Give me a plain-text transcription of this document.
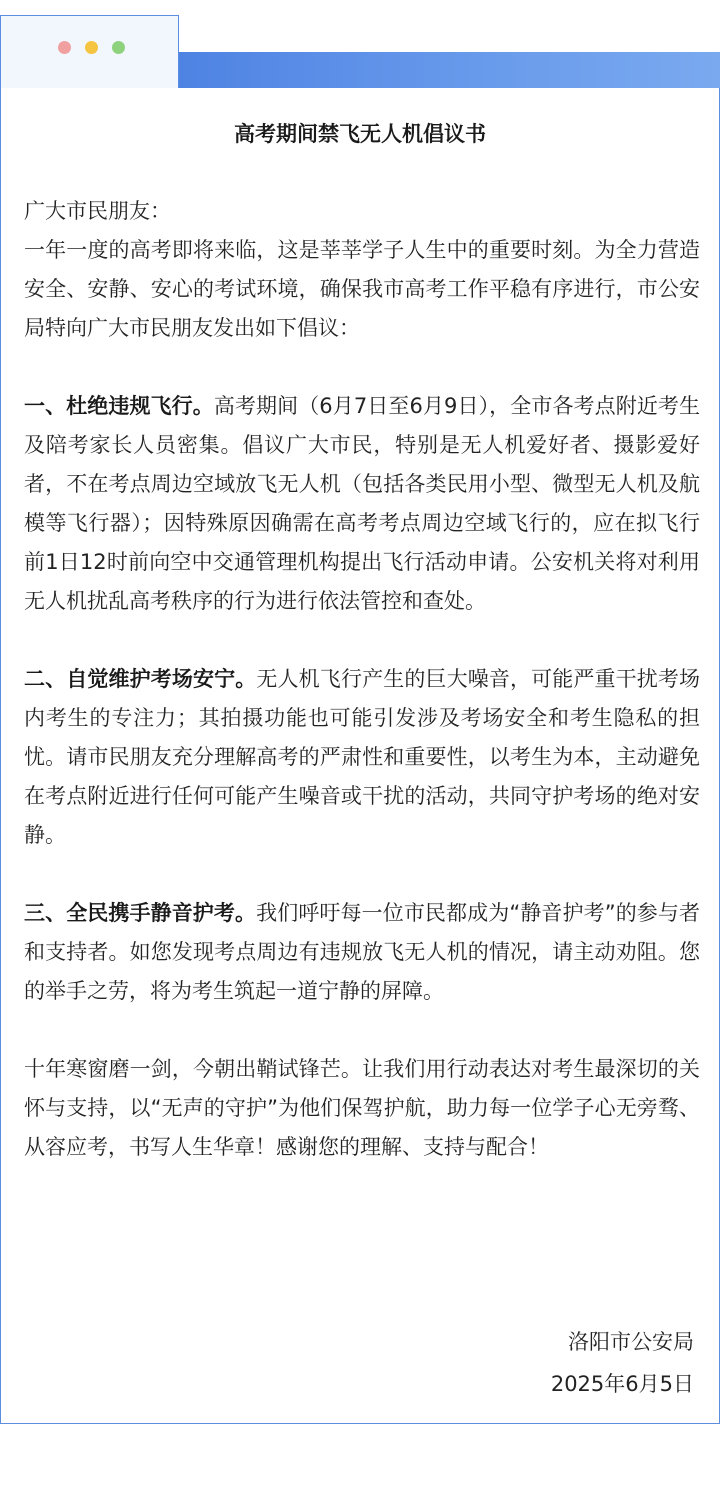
高考期间禁飞无人机倡议书

广大市民朋友：

一年一度的高考即将来临，这是莘莘学子人生中的重要时刻。为全力营造安全、安静、安心的考试环境，确保我市高考工作平稳有序进行，市公安局特向广大市民朋友发出如下倡议：

一、杜绝违规飞行。高考期间（6月7日至6月9日），全市各考点附近考生及陪考家长人员密集。倡议广大市民，特别是无人机爱好者、摄影爱好者，不在考点周边空域放飞无人机（包括各类民用小型、微型无人机及航模等飞行器）；因特殊原因确需在高考考点周边空域飞行的，应在拟飞行前1日12时前向空中交通管理机构提出飞行活动申请。公安机关将对利用无人机扰乱高考秩序的行为进行依法管控和查处。

二、自觉维护考场安宁。无人机飞行产生的巨大噪音，可能严重干扰考场内考生的专注力；其拍摄功能也可能引发涉及考场安全和考生隐私的担忧。请市民朋友充分理解高考的严肃性和重要性，以考生为本，主动避免在考点附近进行任何可能产生噪音或干扰的活动，共同守护考场的绝对安静。

三、全民携手静音护考。我们呼吁每一位市民都成为“静音护考”的参与者和支持者。如您发现考点周边有违规放飞无人机的情况，请主动劝阻。您的举手之劳，将为考生筑起一道宁静的屏障。

十年寒窗磨一剑，今朝出鞘试锋芒。让我们用行动表达对考生最深切的关怀与支持，以“无声的守护”为他们保驾护航，助力每一位学子心无旁骛、从容应考，书写人生华章！感谢您的理解、支持与配合！

洛阳市公安局
2025年6月5日
